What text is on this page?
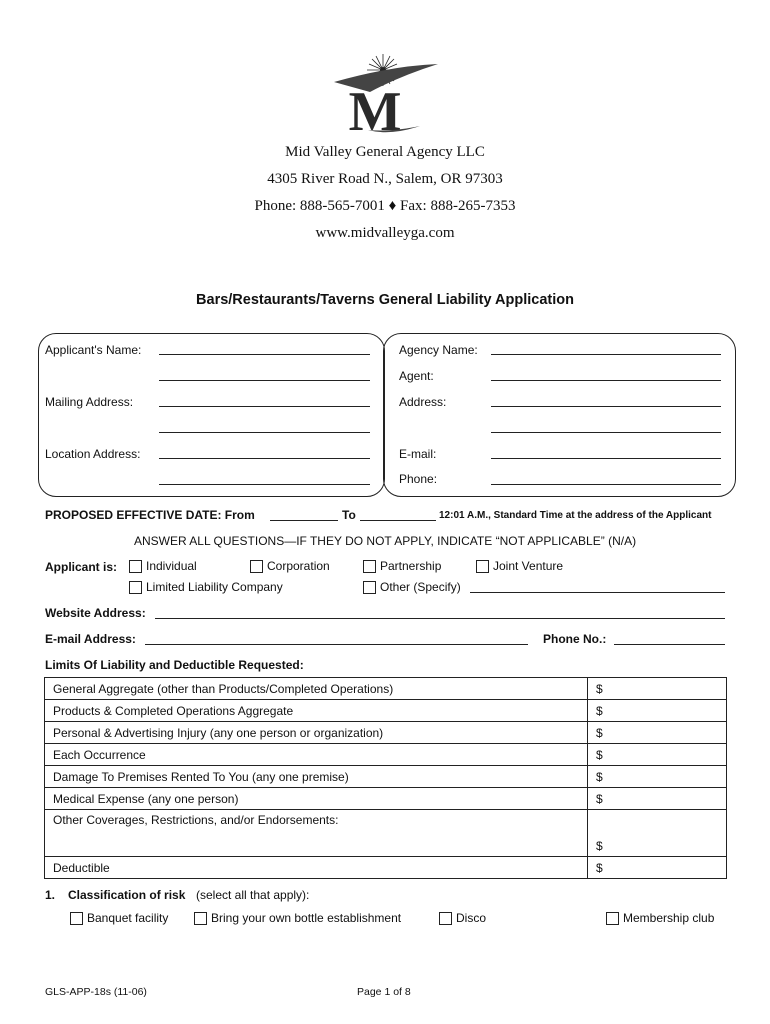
M
Mid Valley General Agency LLC
4305 River Road N., Salem, OR 97303
Phone: 888-565-7001 ♦ Fax: 888-265-7353
www.midvalleyga.com
Bars/Restaurants/Taverns General Liability Application
Applicant's Name:
Mailing Address:
Location Address:
Agency Name:
Agent:
Address:
E-mail:
Phone:
PROPOSED EFFECTIVE DATE: From	To	12:01 A.M., Standard Time at the address of the Applicant
ANSWER ALL QUESTIONS—IF THEY DO NOT APPLY, INDICATE “NOT APPLICABLE” (N/A)
Applicant is: Individual	Corporation	Partnership	Joint Venture
Limited Liability Company	Other (Specify)
Website Address:
E-mail Address:	Phone No.:
Limits Of Liability and Deductible Requested:
General Aggregate (other than Products/Completed Operations)	$
Products & Completed Operations Aggregate	$
Personal & Advertising Injury (any one person or organization)	$
Each Occurrence	$
Damage To Premises Rented To You (any one premise)	$
Medical Expense (any one person)	$
Other Coverages, Restrictions, and/or Endorsements:	$
Deductible	$
1. Classification of risk (select all that apply):
Banquet facility	Bring your own bottle establishment	Disco	Membership club
GLS-APP-18s (11-06)	Page 1 of 8
